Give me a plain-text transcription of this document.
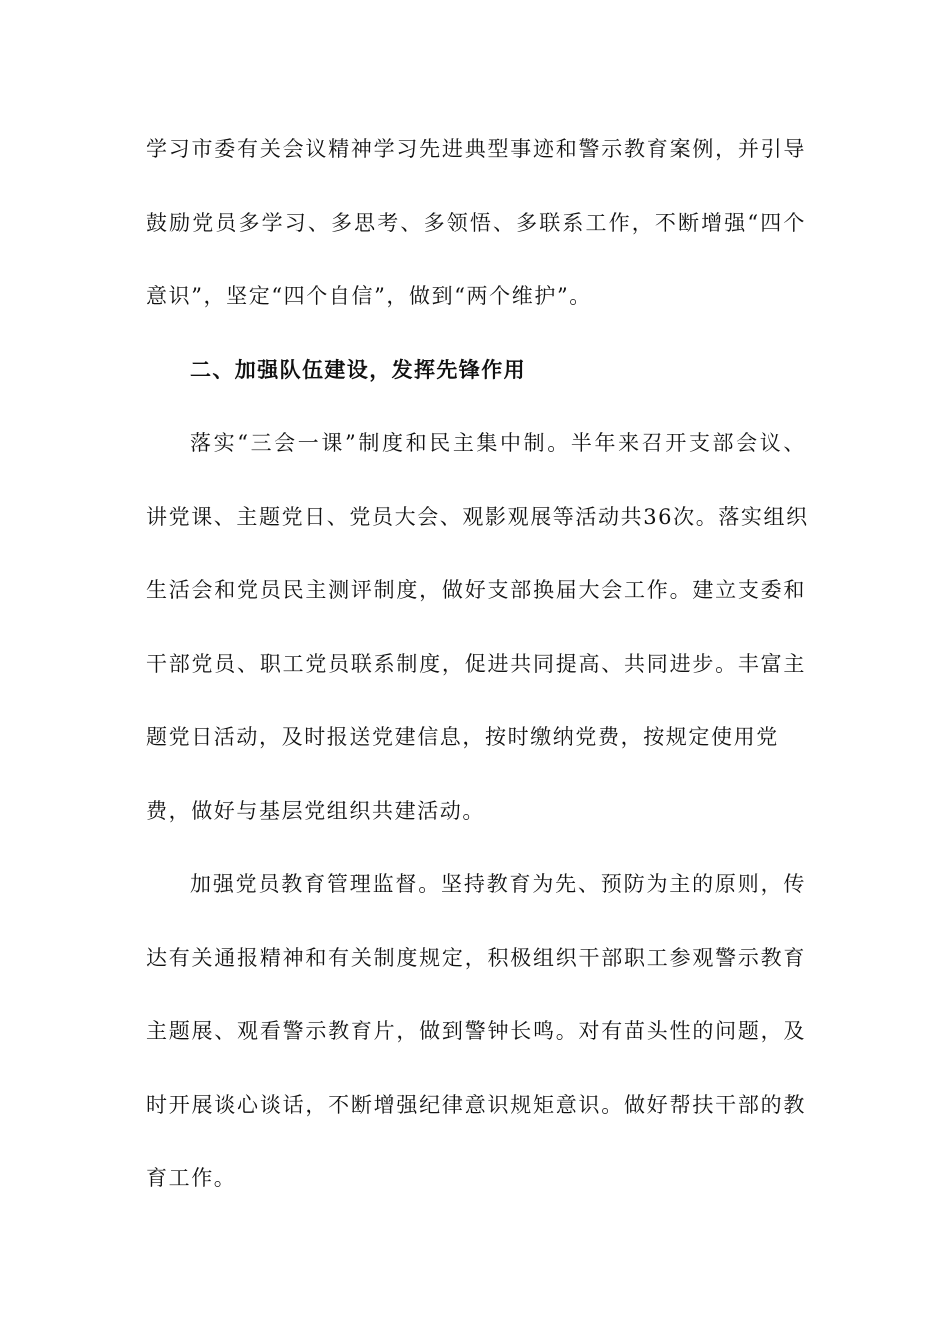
学习市委有关会议精神学习先进典型事迹和警示教育案例，并引导
鼓励党员多学习、多思考、多领悟、多联系工作，不断增强“四个
意识”，坚定“四个自信”，做到“两个维护”。
二、加强队伍建设，发挥先锋作用
落实“三会一课”制度和民主集中制。半年来召开支部会议、
讲党课、主题党日、党员大会、观影观展等活动共36次。落实组织
生活会和党员民主测评制度，做好支部换届大会工作。建立支委和
干部党员、职工党员联系制度，促进共同提高、共同进步。丰富主
题党日活动，及时报送党建信息，按时缴纳党费，按规定使用党
费，做好与基层党组织共建活动。
加强党员教育管理监督。坚持教育为先、预防为主的原则，传
达有关通报精神和有关制度规定，积极组织干部职工参观警示教育
主题展、观看警示教育片，做到警钟长鸣。对有苗头性的问题，及
时开展谈心谈话，不断增强纪律意识规矩意识。做好帮扶干部的教
育工作。
